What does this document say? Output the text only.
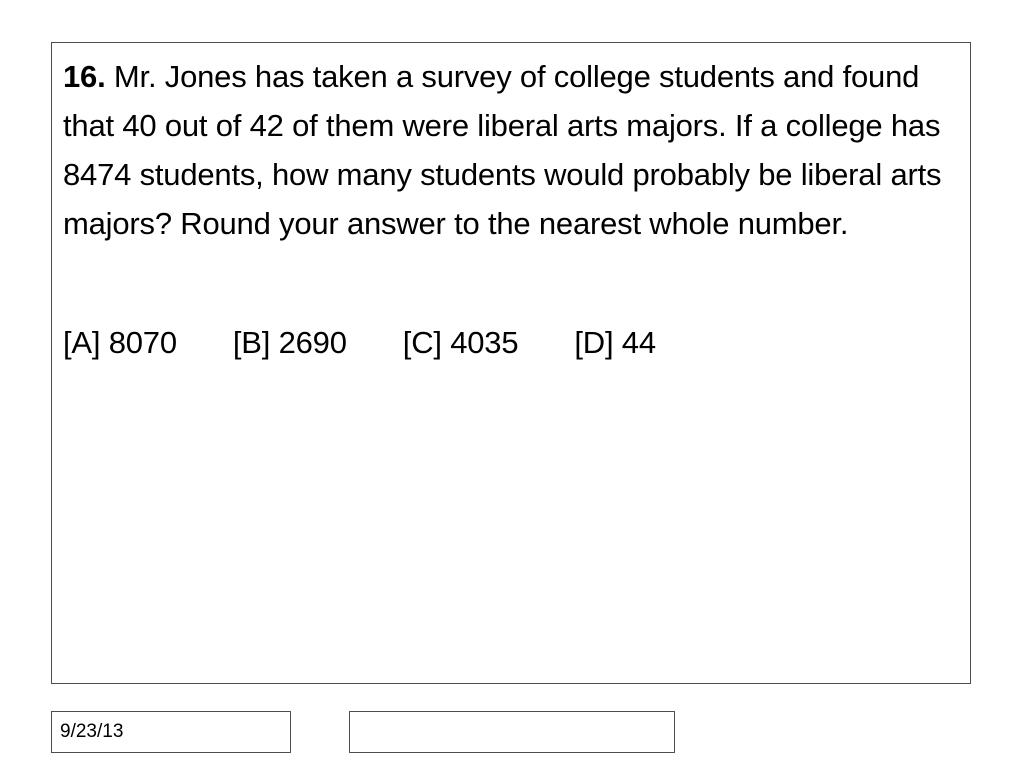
16. Mr. Jones has taken a survey of college students and found that 40 out of 42 of them were liberal arts majors. If a college has 8474 students, how many students would probably be liberal arts majors? Round your answer to the nearest whole number.

[A] 8070 [B] 2690 [C] 4035 [D] 44
9/23/13
